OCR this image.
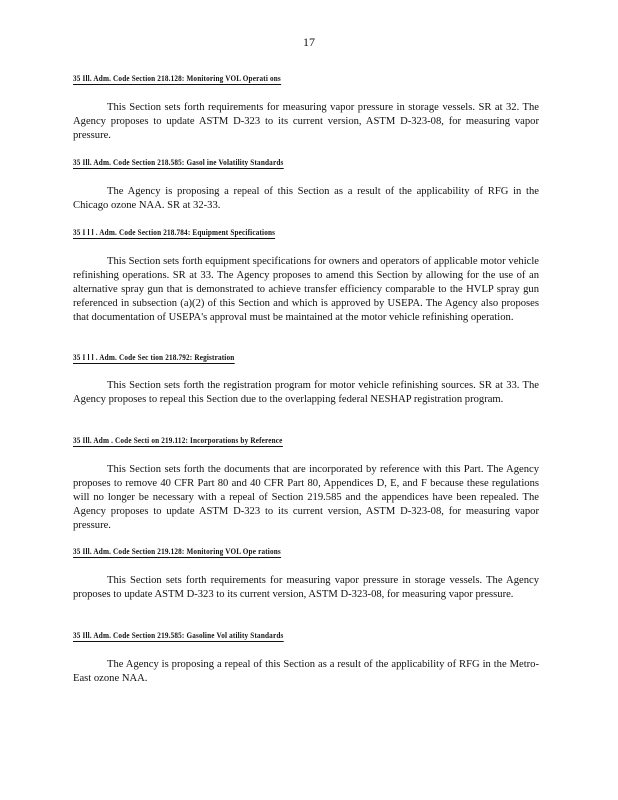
17
35 Ill. Adm. Code Section 218.128: Monitoring VOL Operati ons
This Section sets forth requirements for measuring vapor pressure in storage vessels. SR at 32. The Agency proposes to update ASTM D-323 to its current version, ASTM D-323-08, for measuring vapor pressure.
35 Ill. Adm. Code Section 218.585: Gasol ine Volatility Standards
The Agency is proposing a repeal of this Section as a result of the applicability of RFG in the Chicago ozone NAA. SR at 32-33.
35 I l l . Adm. Code Section 218.784: Equipment Specifications
This Section sets forth equipment specifications for owners and operators of applicable motor vehicle refinishing operations. SR at 33. The Agency proposes to amend this Section by allowing for the use of an alternative spray gun that is demonstrated to achieve transfer efficiency comparable to the HVLP spray gun referenced in subsection (a)(2) of this Section and which is approved by USEPA. The Agency also proposes that documentation of USEPA's approval must be maintained at the motor vehicle refinishing operation.
35 I l l . Adm. Code Sec tion 218.792: Registration
This Section sets forth the registration program for motor vehicle refinishing sources. SR at 33. The Agency proposes to repeal this Section due to the overlapping federal NESHAP registration program.
35 Ill. Adm . Code Secti on 219.112: Incorporations by Reference
This Section sets forth the documents that are incorporated by reference with this Part. The Agency proposes to remove 40 CFR Part 80 and 40 CFR Part 80, Appendices D, E, and F because these regulations will no longer be necessary with a repeal of Section 219.585 and the appendices have been repealed. The Agency proposes to update ASTM D-323 to its current version, ASTM D-323-08, for measuring vapor pressure.
35 Ill. Adm. Code Section 219.128: Monitoring VOL Ope rations
This Section sets forth requirements for measuring vapor pressure in storage vessels. The Agency proposes to update ASTM D-323 to its current version, ASTM D-323-08, for measuring vapor pressure.
35 Ill. Adm. Code Section 219.585: Gasoline Vol atility Standards
The Agency is proposing a repeal of this Section as a result of the applicability of RFG in the Metro-East ozone NAA.
